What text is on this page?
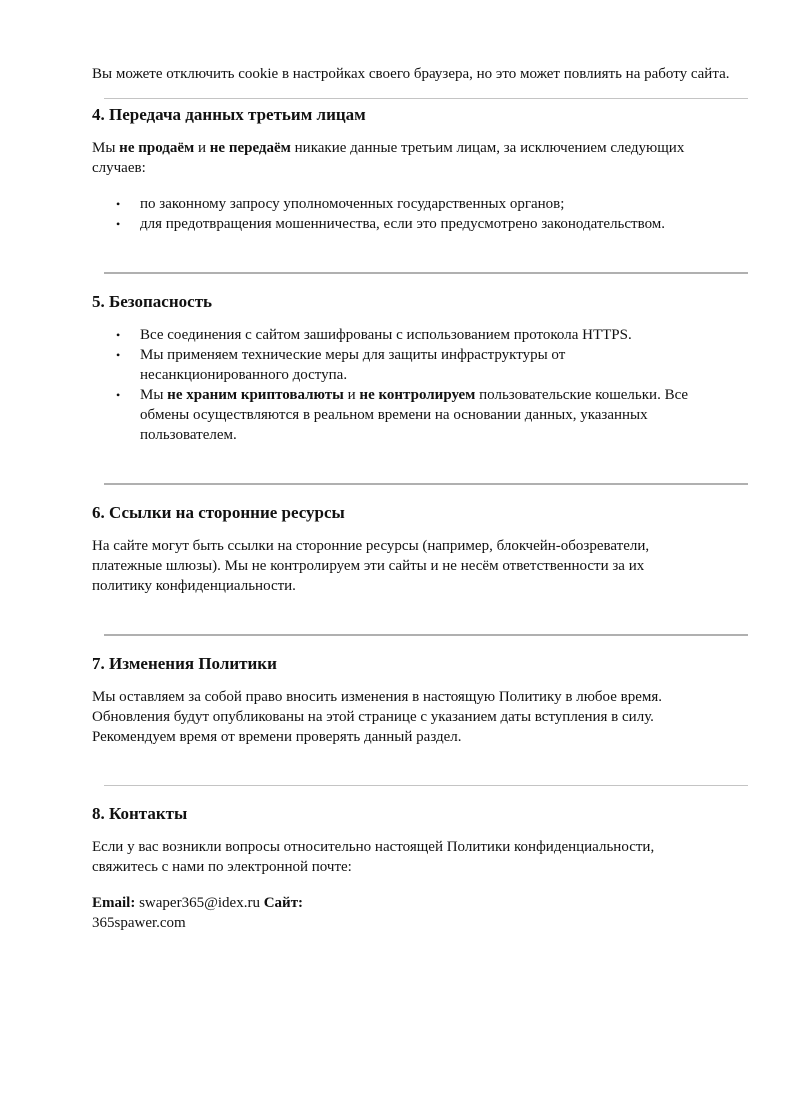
Вы можете отключить cookie в настройках своего браузера, но это может повлиять на работу сайта.

4. Передача данных третьим лицам

Мы не продаём и не передаём никакие данные третьим лицам, за исключением следующих случаев:

• по законному запросу уполномоченных государственных органов;
• для предотвращения мошенничества, если это предусмотрено законодательством.
5. Безопасность
• Все соединения с сайтом зашифрованы с использованием протокола HTTPS.
• Мы применяем технические меры для защиты инфраструктуры от несанкционированного доступа.
• Мы не храним криптовалюты и не контролируем пользовательские кошельки. Все обмены осуществляются в реальном времени на основании данных, указанных пользователем.
6. Ссылки на сторонние ресурсы

На сайте могут быть ссылки на сторонние ресурсы (например, блокчейн-обозреватели, платежные шлюзы). Мы не контролируем эти сайты и не несём ответственности за их политику конфиденциальности.

7. Изменения Политики

Мы оставляем за собой право вносить изменения в настоящую Политику в любое время. Обновления будут опубликованы на этой странице с указанием даты вступления в силу. Рекомендуем время от времени проверять данный раздел.

8. Контакты

Если у вас возникли вопросы относительно настоящей Политики конфиденциальности, свяжитесь с нами по электронной почте:

Email: swaper365@idex.ru Сайт: 365spawer.com
